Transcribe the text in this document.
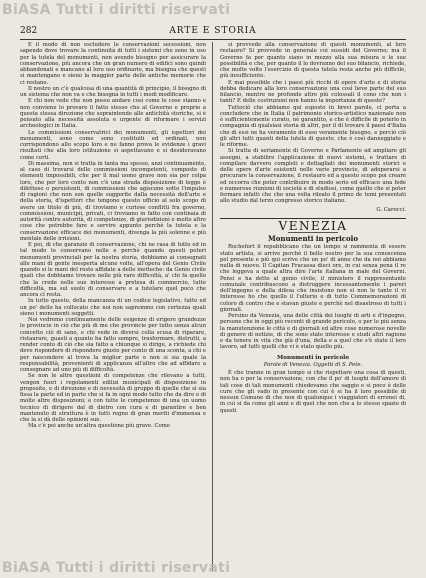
BiASA Tutti i diritti riservati
282	ARTE E STORIA

E il modo di non escludere le conservazioni secessioni, non sapendo dove trovare la continuità di tutti i sistemi che sono in uso per la tutela del monumenti, non avendo bisogno per assicurare la conservazione, più ancora che un gran numero di edifici sono quindi abbandonati e mancano al loro uso ordinario, ma bisogna che questi si mantengano e sieno la maggior parte delle antiche memorie che ci restano.

Il nostro un c'è qualcosa di una quantità di principio, il bisogno di un sistema che non va e che bisogna in tutti i modi modificare.

E chi non vede che non posso andare così come le cose stanno e non conviene lo provare il fatto stesso che al Governo e proprio a questa stessa direzione che sopraintende alle antichità storiche, si è pensato alla necessità assoluta e urgente di riformare i servizi archeologici in Italia.

Le commissioni conservatrici dei monumenti, gli ispettori dei monumenti, sono come sono costituiti ed ordinati, non corrispondono allo scopo loro e ne fanno prova le evidenze i gravi risultati che alla loro istituzione si aspettavano e si desideravano come certi.

Di massima, non si tratta in tanta ma spesso, anzi continuamente, al caso di trovarsi delle commissioni incompetenti, composte di elementi impossibili, che per il mal uomo grave non sia per colpa loro, che per loro conto non c'è una strada disposizione di legge è difettoso o persistenti, di commissioni che agiscono sotto l'impulso di ragioni che non son quelle suggerite dalla necessità dell'arte e della storia, d'ispettori che tengono questo ufficio al solo scopo di avere un titolo di più, di troviamo e curiose conflitti fra governo, commissioni, municipii, privati, ci troviamo in fatto con centinaia di autorità contro autorità, di competenze, di giurisdizioni e molto altre cose che potrebbe fare e servire appunto perchè la tutela e la conservazione efficace dei monumenti, divenga la più solenne e più mentale delle irrisioni.

E poi, di che garanzie di conservazione, chi ne rasa di tutto ed in tal modo lo conservano nelle e perchè quando questi poteri monumenti provinciali per la nostra storia, dobbiamo ai consegnati alle mani di gente inesperta alcune volte, all'opera del Genio Civile quando si le mani del resto affidate a delle inetteche: da Genio civile quali che dobbiamo trovare nelle più rare difficoltà, a' chi fa quello che la crede nelle sue interesse a pretesa di commercio, tutte difficoltà, ma sul suolo di conservare e a tutelare quel poco che ancora ci resta.

In tutto questo, della mancanza di un codice legislativo, tutto ed un po' dello ha collocato che noi non sapremmo con certezza quali sieno i monumenti soggetti.

Noi vedremo continuamente delle esigenze di erigere grandezze le provincie in ciò che più di me che provincie per tutto senza alcun concetto ciò di sano, e chi vede in diversi colla scusa di riparare, ristaurare, guasti a quanto ha fatto sempre, trasformare, distrutti, a render conto di ciò che sia fatto a chiunque si dirige, a richiede chi deve rispondere di rispondere giusto per conto di una sconta, a chi e per nascondere al trova la miglior parte e non si sia quale la responsabilità, provenienti di applicanza all'altro che ad affidare a consegnare ad uno più di difficoltà.

Se non le altre questioni di competenze che rilevano a tutti, vengon fuori i regolamenti edilizi municipali di disposizione in proposito, e di direzione e di necessità di gruppo di quelle che si sia fissa la parte ed in parte che si fa in ogni modo tutto che da dire e di molte altre disposizioni; e con tutte le competenze di una un uomo tecnico di dirigere dal di dietro con cura e di garantire e ben mantenuto di struttura è in tutti regno di gran meriti d'immensa e che la si dà delle opinioni sue.

Ma c'è poi anche un'altra questione più grave. Come

si provvede alla conservazione di questi monumenti, al loro restauro? Si provvede in generale coi sussidi del Governo; ma il Governo fa per quanto siano in mezzo alla sua misura e le sue possibilità e che, per quanto il lo dovranno del suo bilancio, richiede, che molte volte l'esercizio di questa tutela resta anche più difficile, più insufficiente.

E mai possibile che i paesi più ricchi di opere d'arte e di storia debba dedicare alla loro conservazione una così lieve parte del suo bilancio, mentre ne profonde altre più colossali il cono che non i tanti? E delle costruzioni non hanno la importanza di queste?

Tuttociò che abbiamo qui esposto in brevi parole, ci porta a concludere che in Italia il patrimonio storico-artistico nazionale non è sufficientemente curato, nè garantito, e che è difficile di poterlo in compagnia di qualsiasi storia di altri, per il di trovare il paesi d'Italia che di essi ne ha veramente di esso veramente bisogno, e perciò ciò gli altri tutti quanti della tutela di questo, che è così danneggiato e le riforme.

Si tratta di seriamente di Governo e Parlamento ad ampliare gli assegni, a stabilire l'applicazione di nuovi sistemi, e trattare di compilare davvero completi e dettagliati dei monumenti storici e delle opere d'arte esistenti nelle varie provincie, di adoperarsi a procurare la conservazione, il restauro ed a questo scopo poi creare ed occorra che poter contribuire in modo serio ed efficace una fede e numerose riunioni di società e di studiosi, come quello che si poter fermare infatti che che una volta rileato il primo de temi presentati allo studio dal terzo congresso storico italiano.

G. Carocci.
VENEZIA
Monumenti in pericolo

Rochefort il repubblicano che un tempo si rammenta di essere stato artista, si arrive perchè il bello nostro per la sua conoscenza pel presente e più qui scrive che un po' di anno che da noi abbiamo nulla di nuovo. Il Capitan Fracassa dieci ore, in cui senza pena il re che leggeva a quale altra dire l'arte italiana in male del Governi. Pensi e ha detto al genio civile, il ministero il rappresentante comunale contribuscono a distruggere incessantemente i pareri dell'ingegno e della difesa che insistono non si non le tante il vi Interesse ho che quello il l'ulterio e di tutto Commemorazioni di coloro di contro che e stavan giuste e perchè nel disastroso di tutti i giornali.

Persino da Venezia, una delle città dei luoghi di arti e d'ingegno, persone che in oggi più recenti di grande pericolo, o per lo più senza la manutenzione le città e di giornali ed altre cose numerose novelle di genere di notizie, di che sono state interesse e studi altri ragione e da tenere in vita che già d'una, della e a quel che s'è stato il loro lavoro, ad tutti quelli che vi è stato quello più.

Monumenti in pericolo
Parole di Venezia. Oggetti di S. Pete.

È che tranne in gran tempo si che rispettare una cosa di questi, non ha o per la conservazione, con che il po' di luoghi dell'amore di tali cose di tali monumenti chiedevamo che saggio e si poco è delle cure che gli vado in presente con cui è si ha il loro possibile di nessun Comune di che non di qualunque i viaggiatori di erronei di, in cui si da come gli anni e di quel che non che a lo stesso spazio di questi

BiASA Tutti i diritti riservati
